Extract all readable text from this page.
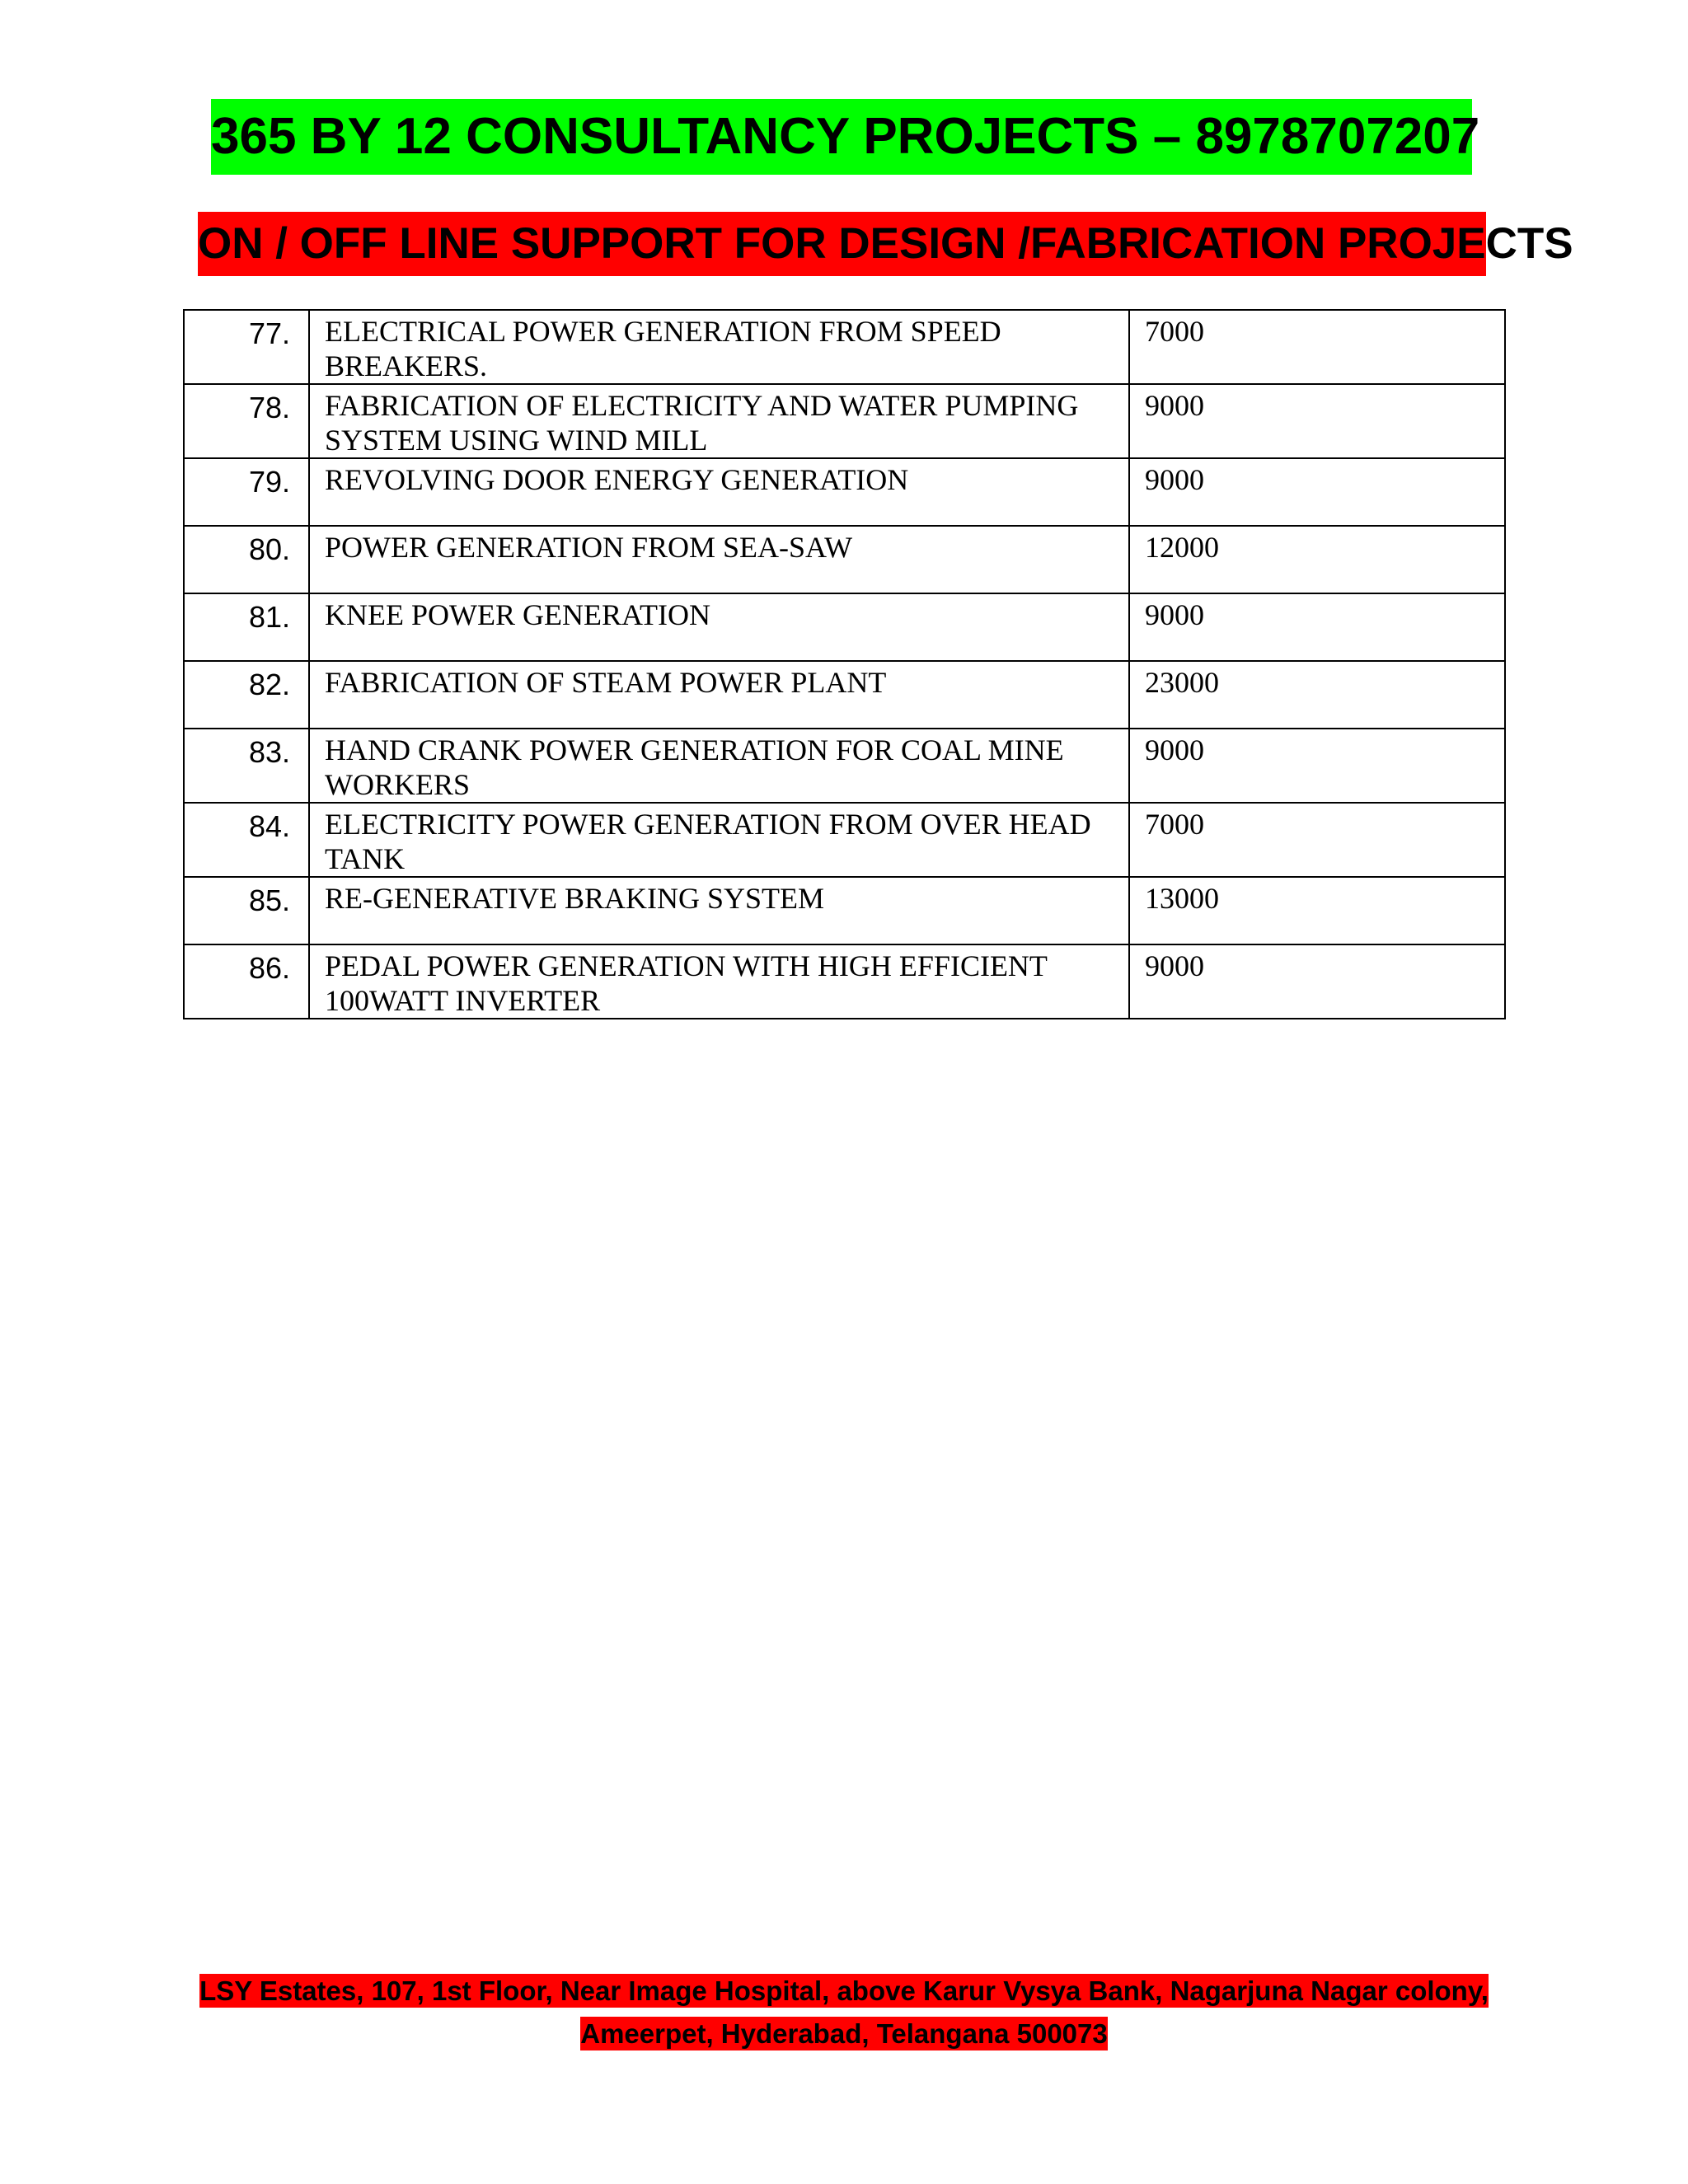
365 BY 12 CONSULTANCY PROJECTS – 8978707207
ON / OFF LINE SUPPORT FOR DESIGN /FABRICATION PROJECTS
77.	ELECTRICAL POWER GENERATION FROM SPEED BREAKERS.	7000
78.	FABRICATION OF ELECTRICITY AND WATER PUMPING SYSTEM USING WIND MILL	9000
79.	REVOLVING DOOR ENERGY GENERATION	9000
80.	POWER GENERATION FROM SEA-SAW	12000
81.	KNEE POWER GENERATION	9000
82.	FABRICATION OF STEAM POWER PLANT	23000
83.	HAND CRANK POWER GENERATION FOR COAL MINE WORKERS	9000
84.	ELECTRICITY POWER GENERATION FROM OVER HEAD TANK	7000
85.	RE-GENERATIVE BRAKING SYSTEM	13000
86.	PEDAL POWER GENERATION WITH HIGH EFFICIENT 100WATT INVERTER	9000
LSY Estates, 107, 1st Floor, Near Image Hospital, above Karur Vysya Bank, Nagarjuna Nagar colony,
Ameerpet, Hyderabad, Telangana 500073
